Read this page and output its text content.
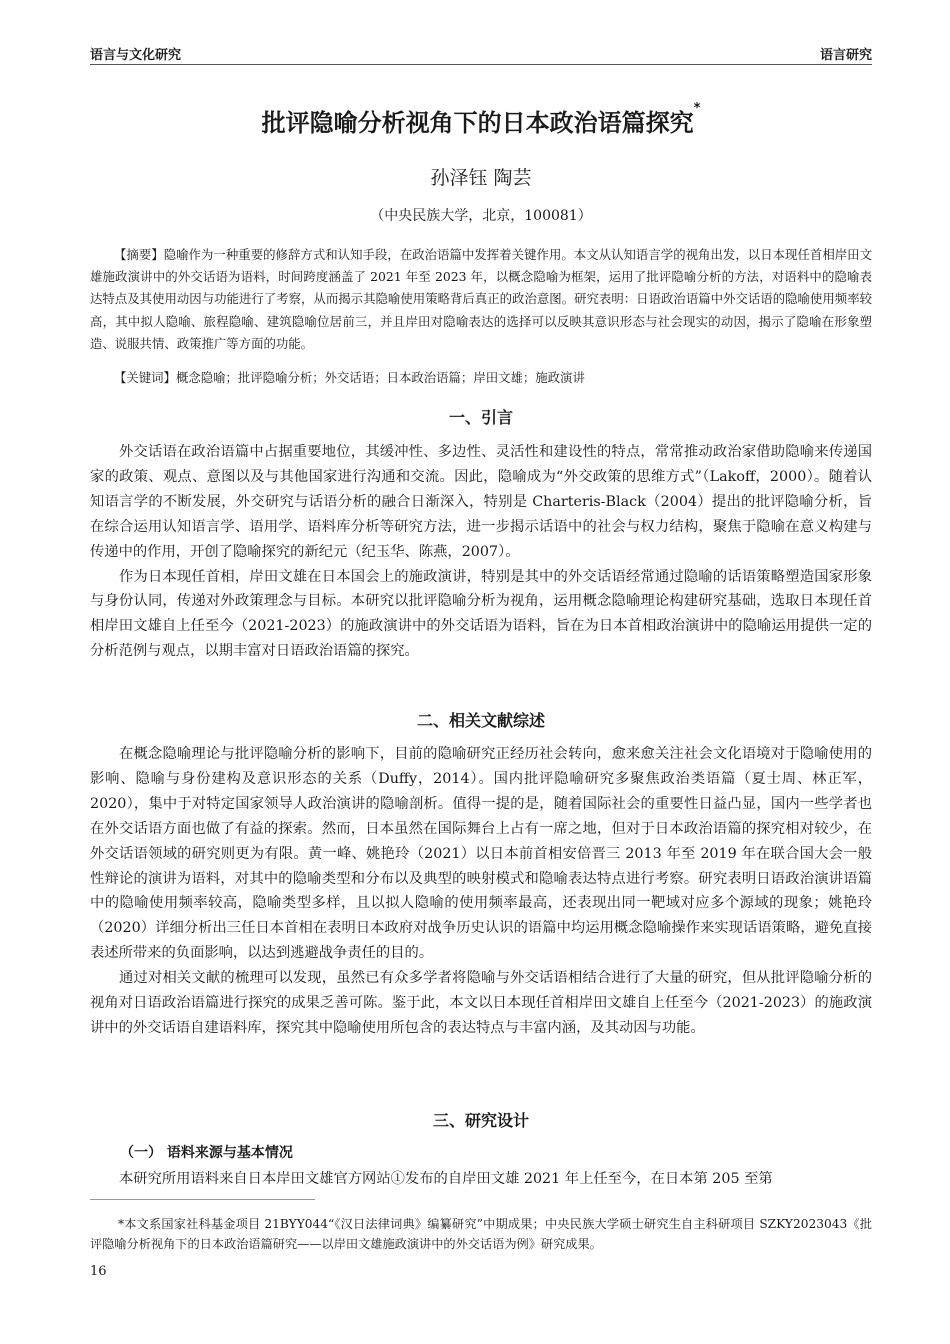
语言与文化研究	语言研究
批评隐喻分析视角下的日本政治语篇探究*
孙泽钰 陶芸
（中央民族大学，北京，100081）

【摘要】隐喻作为一种重要的修辞方式和认知手段，在政治语篇中发挥着关键作用。本文从认知语言学的视角出发，以日本现任首相岸田文雄施政演讲中的外交话语为语料，时间跨度涵盖了 2021 年至 2023 年，以概念隐喻为框架，运用了批评隐喻分析的方法，对语料中的隐喻表达特点及其使用动因与功能进行了考察，从而揭示其隐喻使用策略背后真正的政治意图。研究表明：日语政治语篇中外交话语的隐喻使用频率较高，其中拟人隐喻、旅程隐喻、建筑隐喻位居前三，并且岸田对隐喻表达的选择可以反映其意识形态与社会现实的动因，揭示了隐喻在形象塑造、说服共情、政策推广等方面的功能。

【关键词】概念隐喻；批评隐喻分析；外交话语；日本政治语篇；岸田文雄；施政演讲

一、引言

外交话语在政治语篇中占据重要地位，其缓冲性、多边性、灵活性和建设性的特点，常常推动政治家借助隐喻来传递国家的政策、观点、意图以及与其他国家进行沟通和交流。因此，隐喻成为“外交政策的思维方式”（Lakoff，2000）。随着认知语言学的不断发展，外交研究与话语分析的融合日渐深入，特别是 Charteris-Black（2004）提出的批评隐喻分析，旨在综合运用认知语言学、语用学、语料库分析等研究方法，进一步揭示话语中的社会与权力结构，聚焦于隐喻在意义构建与传递中的作用，开创了隐喻探究的新纪元（纪玉华、陈燕，2007）。

作为日本现任首相，岸田文雄在日本国会上的施政演讲，特别是其中的外交话语经常通过隐喻的话语策略塑造国家形象与身份认同，传递对外政策理念与目标。本研究以批评隐喻分析为视角，运用概念隐喻理论构建研究基础，选取日本现任首相岸田文雄自上任至今（2021-2023）的施政演讲中的外交话语为语料，旨在为日本首相政治演讲中的隐喻运用提供一定的分析范例与观点，以期丰富对日语政治语篇的探究。

二、相关文献综述

在概念隐喻理论与批评隐喻分析的影响下，目前的隐喻研究正经历社会转向，愈来愈关注社会文化语境对于隐喻使用的影响、隐喻与身份建构及意识形态的关系（Duffy，2014）。国内批评隐喻研究多聚焦政治类语篇（夏士周、林正军，2020），集中于对特定国家领导人政治演讲的隐喻剖析。值得一提的是，随着国际社会的重要性日益凸显，国内一些学者也在外交话语方面也做了有益的探索。然而，日本虽然在国际舞台上占有一席之地，但对于日本政治语篇的探究相对较少，在外交话语领域的研究则更为有限。黄一峰、姚艳玲（2021）以日本前首相安倍晋三 2013 年至 2019 年在联合国大会一般性辩论的演讲为语料，对其中的隐喻类型和分布以及典型的映射模式和隐喻表达特点进行考察。研究表明日语政治演讲语篇中的隐喻使用频率较高，隐喻类型多样，且以拟人隐喻的使用频率最高，还表现出同一靶域对应多个源域的现象；姚艳玲（2020）详细分析出三任日本首相在表明日本政府对战争历史认识的语篇中均运用概念隐喻操作来实现话语策略，避免直接表述所带来的负面影响，以达到逃避战争责任的目的。

通过对相关文献的梳理可以发现，虽然已有众多学者将隐喻与外交话语相结合进行了大量的研究，但从批评隐喻分析的视角对日语政治语篇进行探究的成果乏善可陈。鉴于此，本文以日本现任首相岸田文雄自上任至今（2021-2023）的施政演讲中的外交话语自建语料库，探究其中隐喻使用所包含的表达特点与丰富内涵，及其动因与功能。

三、研究设计
（一） 语料来源与基本情况

本研究所用语料来自日本岸田文雄官方网站①发布的自岸田文雄 2021 年上任至今，在日本第 205 至第

*本文系国家社科基金项目 21BYY044“《汉日法律词典》编纂研究”中期成果；中央民族大学硕士研究生自主科研项目 SZKY2023043《批评隐喻分析视角下的日本政治语篇研究——以岸田文雄施政演讲中的外交话语为例》研究成果。

16
